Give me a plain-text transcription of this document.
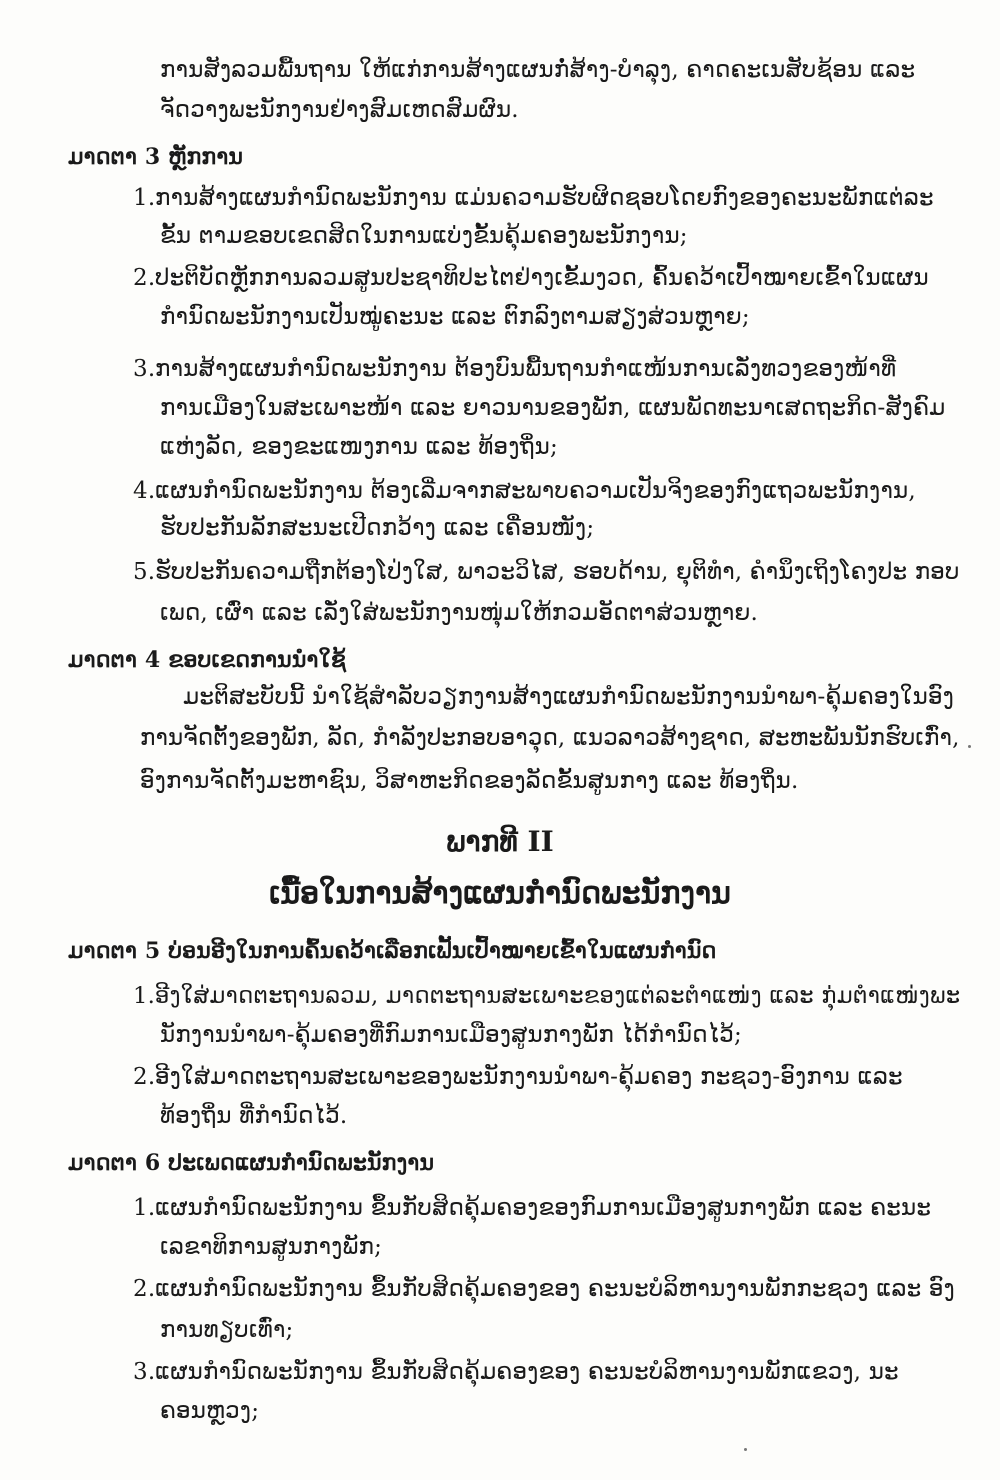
ການສັງລວມພື້ນຖານ ໃຫ້ແກ່ການສ້າງແຜນກໍ່ສ້າງ-ບໍາລຸງ, ຄາດຄະເນສັບຊ້ອນ ແລະ
ຈັດວາງພະນັກງານຢ່າງສົມເຫດສົມຜົນ.
ມາດຕາ 3 ຫຼັກການ
1.ການສ້າງແຜນກໍານົດພະນັກງານ ແມ່ນຄວາມຮັບຜິດຊອບໂດຍກົງຂອງຄະນະພັກແຕ່ລະ
ຂັ້ນ ຕາມຂອບເຂດສິດໃນການແບ່ງຂັ້ນຄຸ້ມຄອງພະນັກງານ;
2.ປະຕິບັດຫຼັກການລວມສູນປະຊາທິປະໄຕຢ່າງເຂັ້ມງວດ, ຄົ້ນຄວ້າເປົ້າໝາຍເຂົ້າໃນແຜນ
ກໍານົດພະນັກງານເປັນໝູ່ຄະນະ ແລະ ຕົກລົງຕາມສຽງສ່ວນຫຼາຍ;
3.ການສ້າງແຜນກໍານົດພະນັກງານ ຕ້ອງບົນພື້ນຖານກໍາແໜ້ນການເລັ່ງທວງຂອງໜ້າທີ່
ການເມືອງໃນສະເພາະໜ້າ ແລະ ຍາວນານຂອງພັກ, ແຜນພັດທະນາເສດຖະກິດ-ສັງຄົມ
ແຫ່ງລັດ, ຂອງຂະແໜງການ ແລະ ທ້ອງຖິ່ນ;
4.ແຜນກໍານົດພະນັກງານ ຕ້ອງເລີ່ມຈາກສະພາບຄວາມເປັນຈິງຂອງກົງແຖວພະນັກງານ,
ຮັບປະກັນລັກສະນະເປີດກວ້າງ ແລະ ເຄື່ອນໜັງ;
5.ຮັບປະກັນຄວາມຖືກຕ້ອງໂປ່ງໃສ, ພາວະວິໄສ, ຮອບດ້ານ, ຍຸຕິທໍາ, ຄໍານຶງເຖິງໂຄງປະ ກອບ
ເພດ, ເຜົ່າ ແລະ ເລັ່ງໃສ່ພະນັກງານໜຸ່ມໃຫ້ກວມອັດຕາສ່ວນຫຼາຍ.
ມາດຕາ 4 ຂອບເຂດການນໍາໃຊ້
ມະຕິສະບັບນີ້ ນໍາໃຊ້ສໍາລັບວຽກງານສ້າງແຜນກໍານົດພະນັກງານນໍາພາ-ຄຸ້ມຄອງໃນອົງ
ການຈັດຕັ້ງຂອງພັກ, ລັດ, ກໍາລັງປະກອບອາວຸດ, ແນວລາວສ້າງຊາດ, ສະຫະພັນນັກຮົບເກົ່າ,
ອົງການຈັດຕັ້ງມະຫາຊົນ, ວິສາຫະກິດຂອງລັດຂັ້ນສູນກາງ ແລະ ທ້ອງຖິ່ນ.
ພາກທີ II
ເນື້ອໃນການສ້າງແຜນກໍານົດພະນັກງານ
ມາດຕາ 5 ບ່ອນອີງໃນການຄົ້ນຄວ້າເລືອກເຟັ້ນເປົ້າໝາຍເຂົ້າໃນແຜນກໍານົດ
1.ອີງໃສ່ມາດຕະຖານລວມ, ມາດຕະຖານສະເພາະຂອງແຕ່ລະຕໍາແໜ່ງ ແລະ ກຸ່ມຕໍາແໜ່ງພະ
ນັກງານນໍາພາ-ຄຸ້ມຄອງທີ່ກົມການເມືອງສູນກາງພັກ ໄດ້ກໍານົດໄວ້;
2.ອີງໃສ່ມາດຕະຖານສະເພາະຂອງພະນັກງານນໍາພາ-ຄຸ້ມຄອງ ກະຊວງ-ອົງການ ແລະ
ທ້ອງຖິ່ນ ທີ່ກໍານົດໄວ້.
ມາດຕາ 6 ປະເພດແຜນກໍານົດພະນັກງານ
1.ແຜນກໍານົດພະນັກງານ ຂຶ້ນກັບສິດຄຸ້ມຄອງຂອງກົມການເມືອງສູນກາງພັກ ແລະ ຄະນະ
ເລຂາທິການສູນກາງພັກ;
2.ແຜນກໍານົດພະນັກງານ ຂຶ້ນກັບສິດຄຸ້ມຄອງຂອງ ຄະນະບໍລິຫານງານພັກກະຊວງ ແລະ ອົງ
ການທຽບເທົ່າ;
3.ແຜນກໍານົດພະນັກງານ ຂຶ້ນກັບສິດຄຸ້ມຄອງຂອງ ຄະນະບໍລິຫານງານພັກແຂວງ, ນະ
ຄອນຫຼວງ;
